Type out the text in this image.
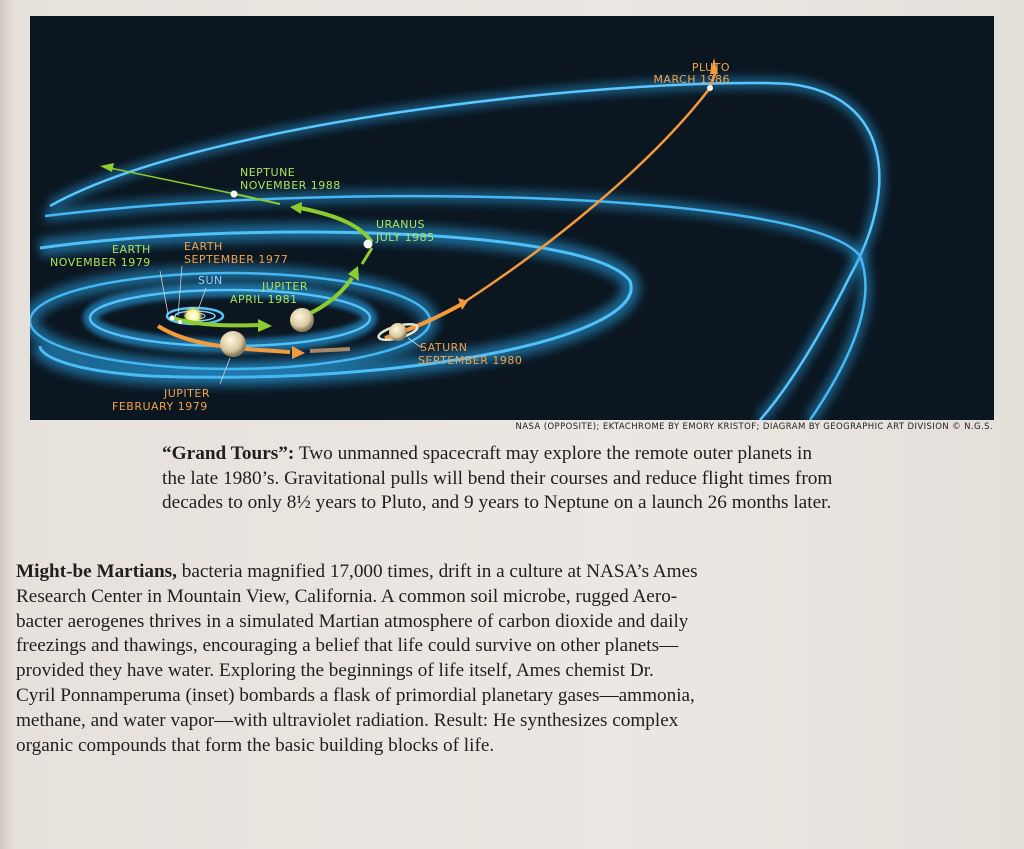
PLUTO
MARCH 1986
NEPTUNE
NOVEMBER 1988
URANUS
JULY 1985
EARTH
NOVEMBER 1979
EARTH
SEPTEMBER 1977
SUN	JUPITER
APRIL 1981
SATURN
SEPTEMBER 1980
JUPITER
FEBRUARY 1979
NASA (OPPOSITE); EKTACHROME BY EMORY KRISTOF; DIAGRAM BY GEOGRAPHIC ART DIVISION © N.G.S.
“Grand Tours”: Two unmanned spacecraft may explore the remote outer planets in
the late 1980’s. Gravitational pulls will bend their courses and reduce flight times from
decades to only 8½ years to Pluto, and 9 years to Neptune on a launch 26 months later.
Might-be Martians, bacteria magnified 17,000 times, drift in a culture at NASA’s Ames
Research Center in Mountain View, California. A common soil microbe, rugged Aero-
bacter aerogenes thrives in a simulated Martian atmosphere of carbon dioxide and daily
freezings and thawings, encouraging a belief that life could survive on other planets—
provided they have water. Exploring the beginnings of life itself, Ames chemist Dr.
Cyril Ponnamperuma (inset) bombards a flask of primordial planetary gases—ammonia,
methane, and water vapor—with ultraviolet radiation. Result: He synthesizes complex
organic compounds that form the basic building blocks of life.
